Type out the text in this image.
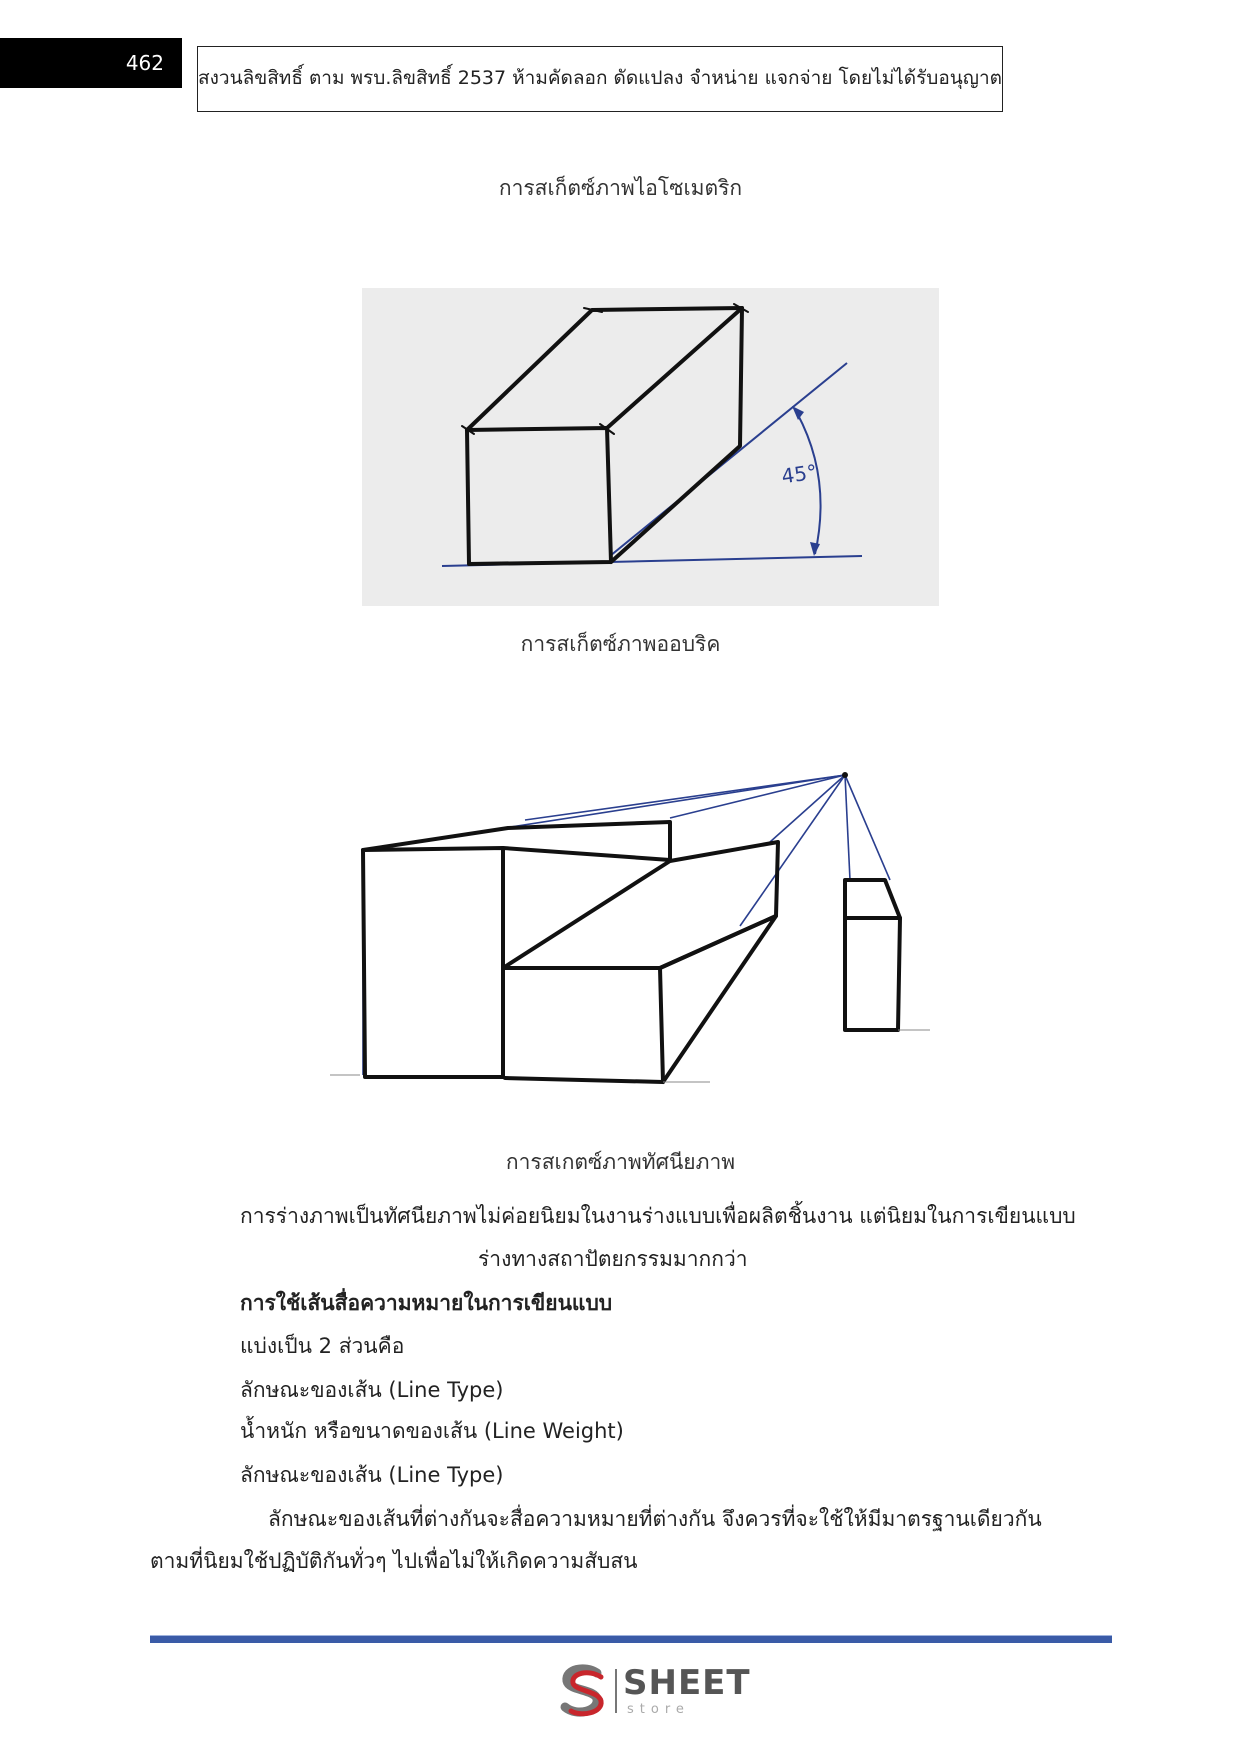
462
สงวนลิขสิทธิ์ ตาม พรบ.ลิขสิทธิ์ 2537 ห้ามคัดลอก ดัดแปลง จำหน่าย แจกจ่าย โดยไม่ได้รับอนุญาต
การสเก็ตซ์ภาพไอโซเมตริก
45°
การสเก็ตซ์ภาพออบริค
การสเกตซ์ภาพทัศนียภาพ
การร่างภาพเป็นทัศนียภาพไม่ค่อยนิยมในงานร่างแบบเพื่อผลิตชิ้นงาน แต่นิยมในการเขียนแบบ
ร่างทางสถาปัตยกรรมมากกว่า
การใช้เส้นสื่อความหมายในการเขียนแบบ
แบ่งเป็น 2 ส่วนคือ
ลักษณะของเส้น (Line Type)
น้ำหนัก หรือขนาดของเส้น (Line Weight)
ลักษณะของเส้น (Line Type)
ลักษณะของเส้นที่ต่างกันจะสื่อความหมายที่ต่างกัน จึงควรที่จะใช้ให้มีมาตรฐานเดียวกัน
ตามที่นิยมใช้ปฏิบัติกันทั่วๆ ไปเพื่อไม่ให้เกิดความสับสน
SHEET
store
